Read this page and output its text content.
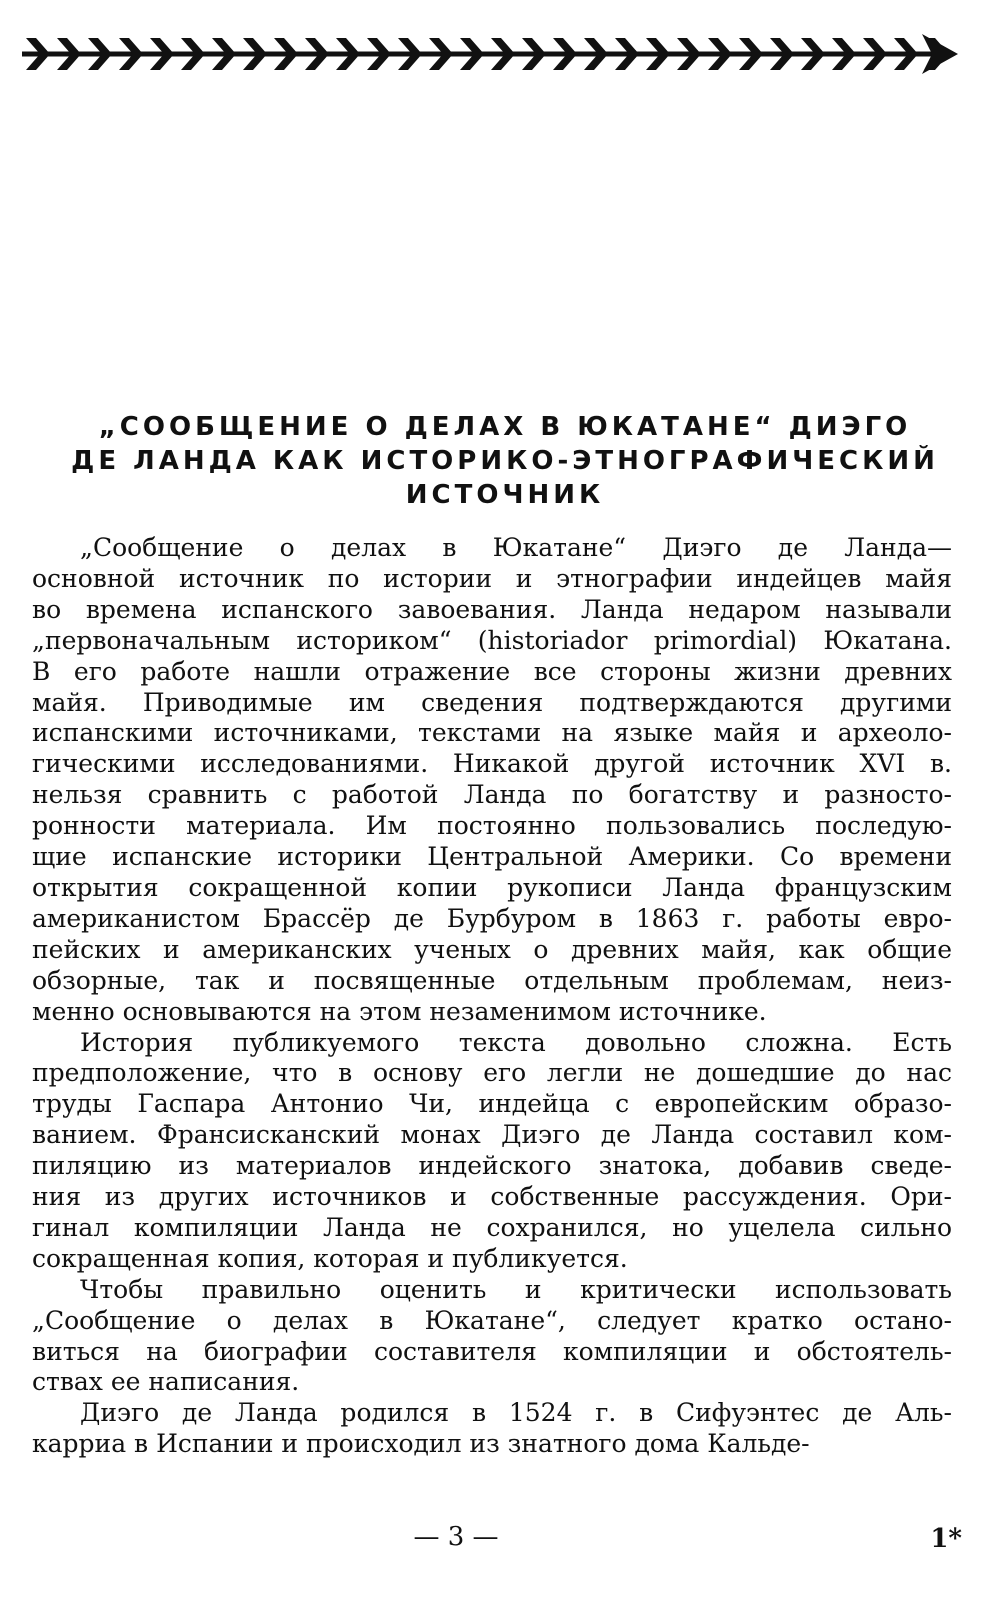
„СООБЩЕНИЕ О ДЕЛАХ В ЮКАТАНЕ“ ДИЭГО
ДЕ ЛАНДА КАК ИСТОРИКО-ЭТНОГРАФИЧЕСКИЙ
ИСТОЧНИК

„Сообщение о делах в Юкатане“ Диэго де Ланда—
основной источник по истории и этнографии индейцев майя
во времена испанского завоевания. Ланда недаром называли
„первоначальным историком“ (historiador primordial) Юкатана.
В его работе нашли отражение все стороны жизни древних
майя. Приводимые им сведения подтверждаются другими
испанскими источниками, текстами на языке майя и археоло-
гическими исследованиями. Никакой другой источник XVI в.
нельзя сравнить с работой Ланда по богатству и разносто-
ронности материала. Им постоянно пользовались последую-
щие испанские историки Центральной Америки. Со времени
открытия сокращенной копии рукописи Ланда французским
американистом Брассёр де Бурбуром в 1863 г. работы евро-
пейских и американских ученых о древних майя, как общие
обзорные, так и посвященные отдельным проблемам, неиз-
менно основываются на этом незаменимом источнике.

История публикуемого текста довольно сложна. Есть
предположение, что в основу его легли не дошедшие до нас
труды Гаспара Антонио Чи, индейца с европейским образо-
ванием. Франсисканский монах Диэго де Ланда составил ком-
пиляцию из материалов индейского знатока, добавив сведе-
ния из других источников и собственные рассуждения. Ори-
гинал компиляции Ланда не сохранился, но уцелела сильно
сокращенная копия, которая и публикуется.

Чтобы правильно оценить и критически использовать
„Сообщение о делах в Юкатане“, следует кратко остано-
виться на биографии составителя компиляции и обстоятель-
ствах ее написания.

Диэго де Ланда родился в 1524 г. в Сифуэнтес де Аль-
карриа в Испании и происходил из знатного дома Кальде-

— 3 —	1*
